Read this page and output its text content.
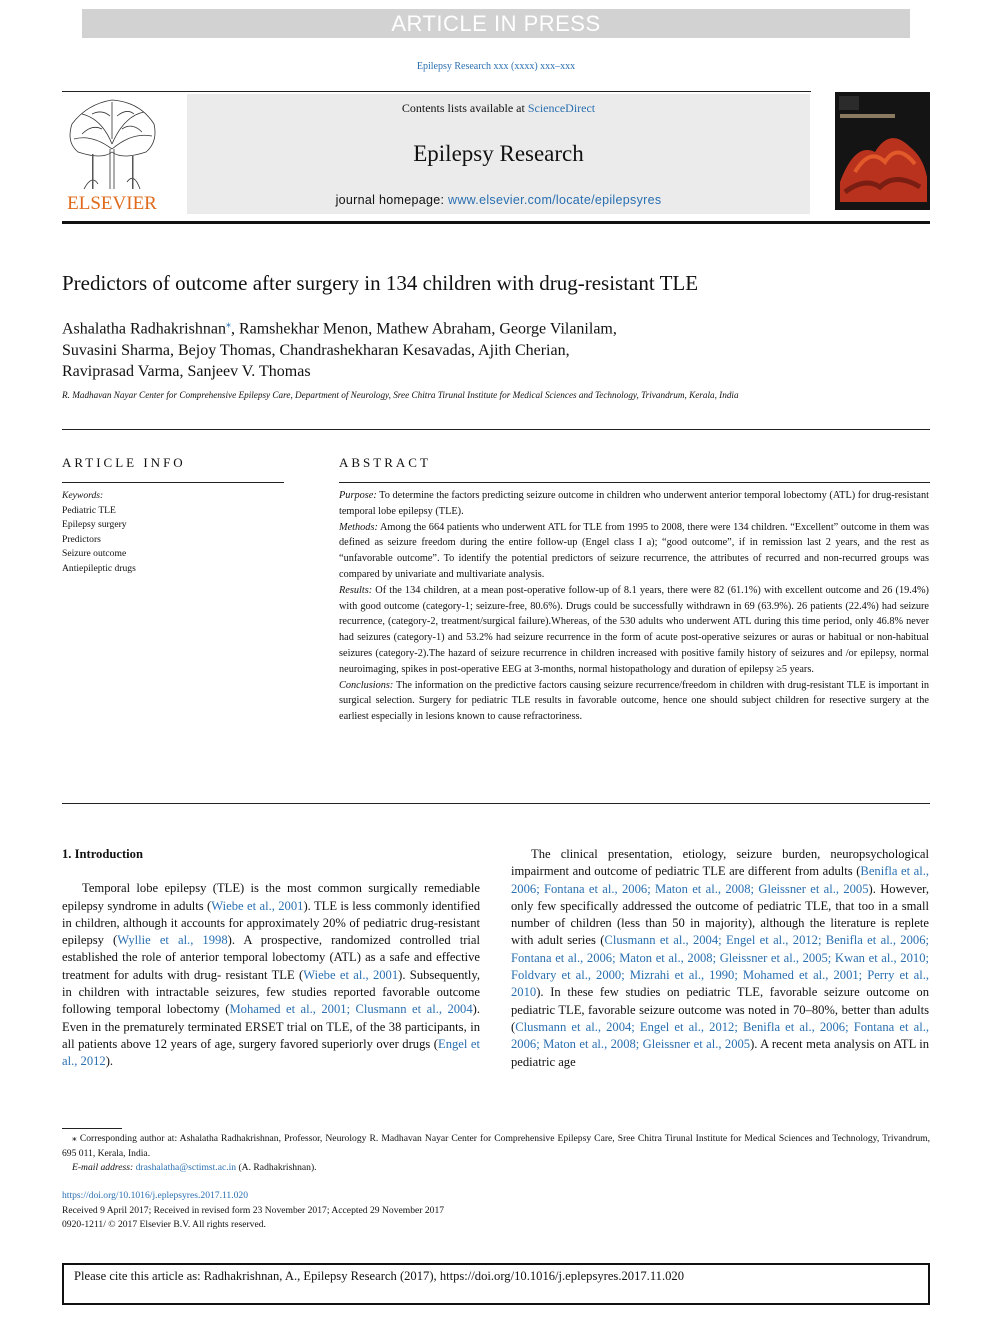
ARTICLE IN PRESS
Epilepsy Research xxx (xxxx) xxx–xxx
ELSEVIER
Contents lists available at ScienceDirect
Epilepsy Research
journal homepage: www.elsevier.com/locate/epilepsyres
Predictors of outcome after surgery in 134 children with drug-resistant TLE
Ashalatha Radhakrishnan⁎, Ramshekhar Menon, Mathew Abraham, George Vilanilam,
Suvasini Sharma, Bejoy Thomas, Chandrashekharan Kesavadas, Ajith Cherian,
Raviprasad Varma, Sanjeev V. Thomas
R. Madhavan Nayar Center for Comprehensive Epilepsy Care, Department of Neurology, Sree Chitra Tirunal Institute for Medical Sciences and Technology, Trivandrum, Kerala, India
ARTICLE INFO	ABSTRACT
Keywords:
Pediatric TLE
Epilepsy surgery
Predictors
Seizure outcome
Antiepileptic drugs

Purpose: To determine the factors predicting seizure outcome in children who underwent anterior temporal lobectomy (ATL) for drug-resistant temporal lobe epilepsy (TLE).

Methods: Among the 664 patients who underwent ATL for TLE from 1995 to 2008, there were 134 children. “Excellent” outcome in them was defined as seizure freedom during the entire follow-up (Engel class I a); “good outcome”, if in remission last 2 years, and the rest as “unfavorable outcome”. To identify the potential predictors of seizure recurrence, the attributes of recurred and non-recurred groups was compared by univariate and multivariate analysis.

Results: Of the 134 children, at a mean post-operative follow-up of 8.1 years, there were 82 (61.1%) with excellent outcome and 26 (19.4%) with good outcome (category-1; seizure-free, 80.6%). Drugs could be successfully withdrawn in 69 (63.9%). 26 patients (22.4%) had seizure recurrence, (category-2, treatment/surgical failure).Whereas, of the 530 adults who underwent ATL during this time period, only 46.8% never had seizures (category-1) and 53.2% had seizure recurrence in the form of acute post-operative seizures or auras or habitual or non-habitual seizures (category-2).The hazard of seizure recurrence in children increased with positive family history of seizures and /or epilepsy, normal neuroimaging, spikes in post-operative EEG at 3-months, normal histopathology and duration of epilepsy ≥5 years.

Conclusions: The information on the predictive factors causing seizure recurrence/freedom in children with drug-resistant TLE is important in surgical selection. Surgery for pediatric TLE results in favorable outcome, hence one should subject children for resective surgery at the earliest especially in lesions known to cause refractoriness.

1. Introduction

Temporal lobe epilepsy (TLE) is the most common surgically remediable epilepsy syndrome in adults (Wiebe et al., 2001). TLE is less commonly identified in children, although it accounts for approximately 20% of pediatric drug-resistant epilepsy (Wyllie et al., 1998). A prospective, randomized controlled trial established the role of anterior temporal lobectomy (ATL) as a safe and effective treatment for adults with drug- resistant TLE (Wiebe et al., 2001). Subsequently, in children with intractable seizures, few studies reported favorable outcome following temporal lobectomy (Mohamed et al., 2001; Clusmann et al., 2004). Even in the prematurely terminated ERSET trial on TLE, of the 38 participants, in all patients above 12 years of age, surgery favored superiorly over drugs (Engel et al., 2012).

The clinical presentation, etiology, seizure burden, neuropsychological impairment and outcome of pediatric TLE are different from adults (Benifla et al., 2006; Fontana et al., 2006; Maton et al., 2008; Gleissner et al., 2005). However, only few specifically addressed the outcome of pediatric TLE, that too in a small number of children (less than 50 in majority), although the literature is replete with adult series (Clusmann et al., 2004; Engel et al., 2012; Benifla et al., 2006; Fontana et al., 2006; Maton et al., 2008; Gleissner et al., 2005; Kwan et al., 2010; Foldvary et al., 2000; Mizrahi et al., 1990; Mohamed et al., 2001; Perry et al., 2010). In these few studies on pediatric TLE, favorable seizure outcome on pediatric TLE, favorable seizure outcome was noted in 70–80%, better than adults (Clusmann et al., 2004; Engel et al., 2012; Benifla et al., 2006; Fontana et al., 2006; Maton et al., 2008; Gleissner et al., 2005). A recent meta analysis on ATL in pediatric age

⁎ Corresponding author at: Ashalatha Radhakrishnan, Professor, Neurology R. Madhavan Nayar Center for Comprehensive Epilepsy Care, Sree Chitra Tirunal Institute for Medical Sciences and Technology, Trivandrum, 695 011, Kerala, India.

E-mail address: drashalatha@sctimst.ac.in (A. Radhakrishnan).

https://doi.org/10.1016/j.eplepsyres.2017.11.020
Received 9 April 2017; Received in revised form 23 November 2017; Accepted 29 November 2017
0920-1211/ © 2017 Elsevier B.V. All rights reserved.
Please cite this article as: Radhakrishnan, A., Epilepsy Research (2017), https://doi.org/10.1016/j.eplepsyres.2017.11.020
